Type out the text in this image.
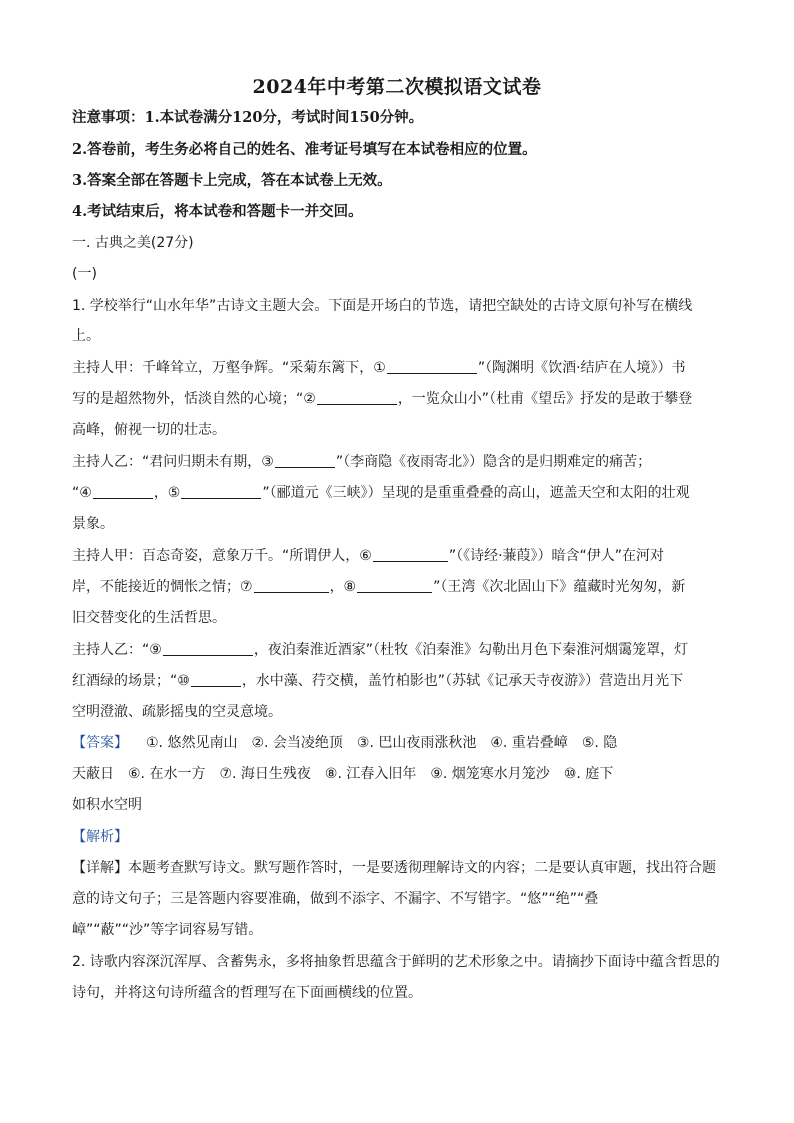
2024年中考第二次模拟语文试卷
注意事项：1.本试卷满分120分，考试时间150分钟。
2.答卷前，考生务必将自己的姓名、准考证号填写在本试卷相应的位置。
3.答案全部在答题卡上完成，答在本试卷上无效。
4.考试结束后，将本试卷和答题卡一并交回。
一. 古典之美(27分)
(一)
1. 学校举行“山水年华”古诗文主题大会。下面是开场白的节选，请把空缺处的古诗文原句补写在横线
上。
主持人甲：千峰耸立，万壑争辉。“采菊东篱下，①	”（陶渊明《饮酒·结庐在人境》）书
写的是超然物外，恬淡自然的心境；“②	，一览众山小”（杜甫《望岳》抒发的是敢于攀登
高峰，俯视一切的壮志。
主持人乙：“君问归期未有期，③	”（李商隐《夜雨寄北》）隐含的是归期难定的痛苦；
“④	，⑤	”（郦道元《三峡》）呈现的是重重叠叠的高山，遮盖天空和太阳的壮观
景象。
主持人甲：百态奇姿，意象万千。“所谓伊人，⑥	”（《诗经·蒹葭》）暗含“伊人”在河对
岸，不能接近的惆怅之情；⑦	，⑧	”（王湾《次北固山下》蕴藏时光匆匆，新
旧交替变化的生活哲思。
主持人乙：“⑨	，夜泊秦淮近酒家”（杜牧《泊秦淮》勾勒出月色下秦淮河烟霭笼罩，灯
红酒绿的场景；“⑩	，水中藻、荇交横，盖竹柏影也”（苏轼《记承天寺夜游》）营造出月光下
空明澄澈、疏影摇曳的空灵意境。
【答案】 ①. 悠然见南山 ②. 会当凌绝顶 ③. 巴山夜雨涨秋池 ④. 重岩叠嶂 ⑤. 隐
天蔽日 ⑥. 在水一方 ⑦. 海日生残夜 ⑧. 江春入旧年 ⑨. 烟笼寒水月笼沙 ⑩. 庭下
如积水空明
【解析】
【详解】本题考查默写诗文。默写题作答时，一是要透彻理解诗文的内容；二是要认真审题，找出符合题
意的诗文句子；三是答题内容要准确，做到不添字、不漏字、不写错字。“悠”“绝”“叠
嶂”“蔽”“沙”等字词容易写错。
2. 诗歌内容深沉浑厚、含蓄隽永，多将抽象哲思蕴含于鲜明的艺术形象之中。请摘抄下面诗中蕴含哲思的
诗句，并将这句诗所蕴含的哲理写在下面画横线的位置。
